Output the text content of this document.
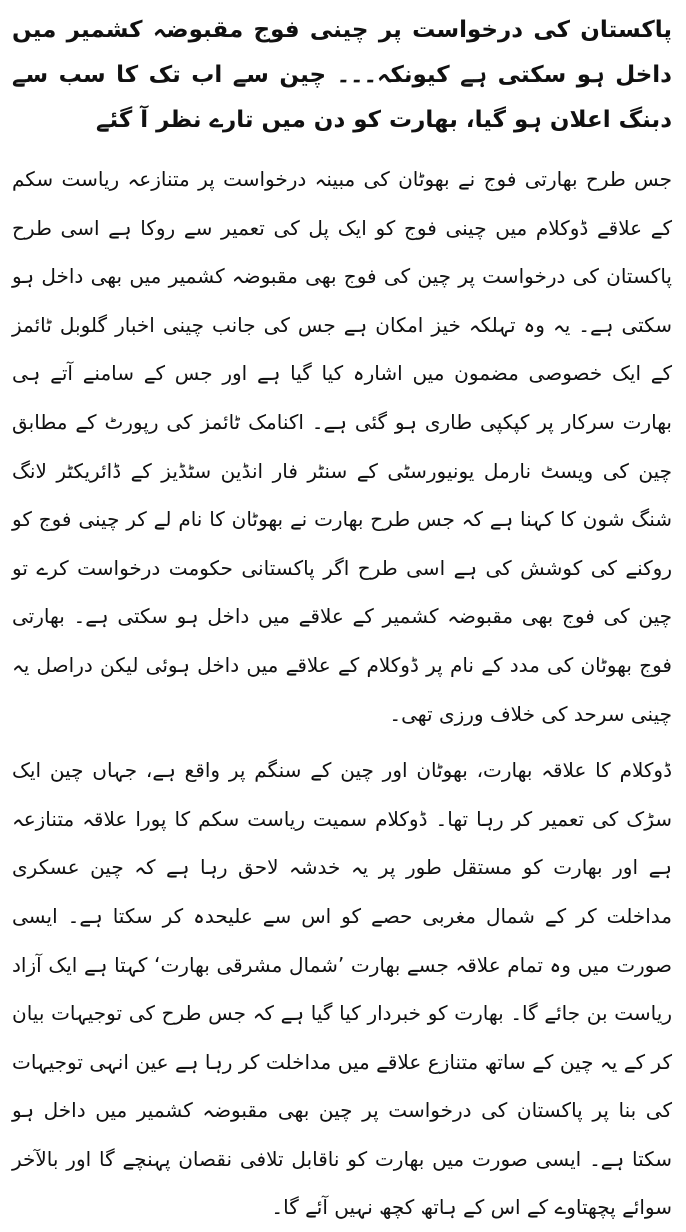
پاکستان کی درخواست پر چینی فوج مقبوضہ کشمیر میں داخل ہو سکتی ہے کیونکہ۔۔۔ چین سے اب تک کا سب سے دبنگ اعلان ہو گیا، بھارت کو دن میں تارے نظر آ گئے

جس طرح بھارتی فوج نے بھوٹان کی مبینہ درخواست پر متنازعہ ریاست سکم کے علاقے ڈوکلام میں چینی فوج کو ایک پل کی تعمیر سے روکا ہے اسی طرح پاکستان کی درخواست پر چین کی فوج بھی مقبوضہ کشمیر میں بھی داخل ہو سکتی ہے۔ یہ وہ تہلکہ خیز امکان ہے جس کی جانب چینی اخبار گلوبل ٹائمز کے ایک خصوصی مضمون میں اشارہ کیا گیا ہے اور جس کے سامنے آتے ہی بھارت سرکار پر کپکپی طاری ہو گئی ہے۔ اکنامک ٹائمز کی رپورٹ کے مطابق چین کی ویسٹ نارمل یونیورسٹی کے سنٹر فار انڈین سٹڈیز کے ڈائریکٹر لانگ شنگ شون کا کہنا ہے کہ جس طرح بھارت نے بھوٹان کا نام لے کر چینی فوج کو روکنے کی کوشش کی ہے اسی طرح اگر پاکستانی حکومت درخواست کرے تو چین کی فوج بھی مقبوضہ کشمیر کے علاقے میں داخل ہو سکتی ہے۔ بھارتی فوج بھوٹان کی مدد کے نام پر ڈوکلام کے علاقے میں داخل ہوئی لیکن دراصل یہ چینی سرحد کی خلاف ورزی تھی۔

ڈوکلام کا علاقہ بھارت، بھوٹان اور چین کے سنگم پر واقع ہے، جہاں چین ایک سڑک کی تعمیر کر رہا تھا۔ ڈوکلام سمیت ریاست سکم کا پورا علاقہ متنازعہ ہے اور بھارت کو مستقل طور پر یہ خدشہ لاحق رہا ہے کہ چین عسکری مداخلت کر کے شمال مغربی حصے کو اس سے علیحدہ کر سکتا ہے۔ ایسی صورت میں وہ تمام علاقہ جسے بھارت ’شمال مشرقی بھارت‘ کہتا ہے ایک آزاد ریاست بن جائے گا۔ بھارت کو خبردار کیا گیا ہے کہ جس طرح کی توجیہات بیان کر کے یہ چین کے ساتھ متنازع علاقے میں مداخلت کر رہا ہے عین انہی توجیہات کی بنا پر پاکستان کی درخواست پر چین بھی مقبوضہ کشمیر میں داخل ہو سکتا ہے۔ ایسی صورت میں بھارت کو ناقابل تلافی نقصان پہنچے گا اور بالآخر سوائے پچھتاوے کے اس کے ہاتھ کچھ نہیں آئے گا۔
